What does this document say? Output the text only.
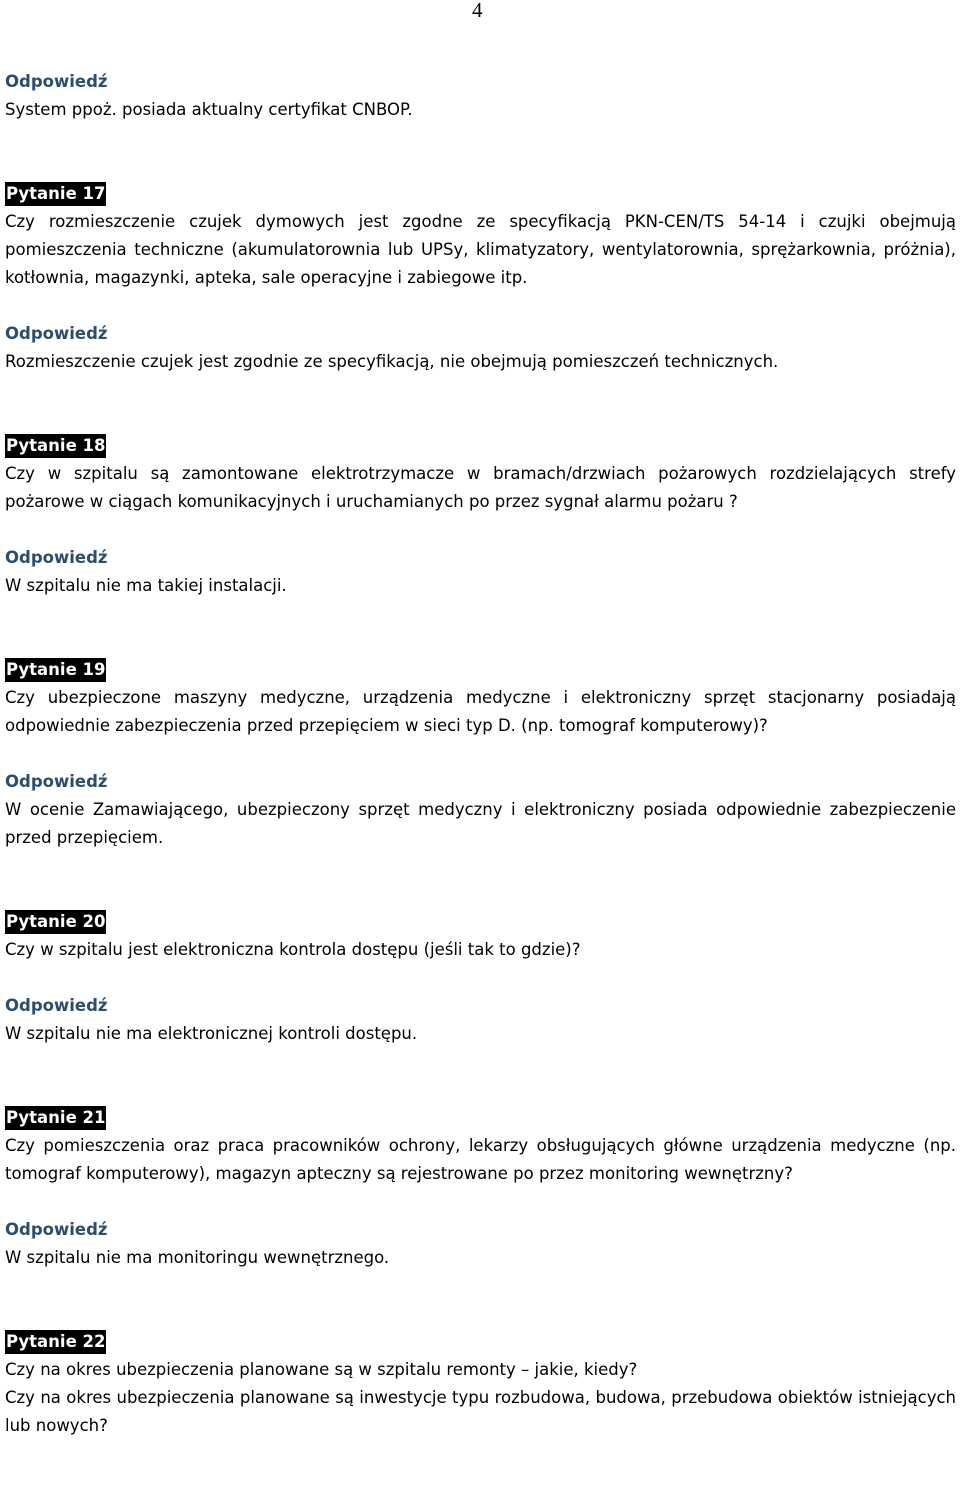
4

Odpowiedź

System ppoż. posiada aktualny certyfikat CNBOP.

Pytanie 17

Czy rozmieszczenie czujek dymowych jest zgodne ze specyfikacją PKN-CEN/TS 54-14 i czujki obejmują pomieszczenia techniczne (akumulatorownia lub UPSy, klimatyzatory, wentylatorownia, sprężarkownia, próżnia), kotłownia, magazynki, apteka, sale operacyjne i zabiegowe itp.

Odpowiedź

Rozmieszczenie czujek jest zgodnie ze specyfikacją, nie obejmują pomieszczeń technicznych.

Pytanie 18

Czy w szpitalu są zamontowane elektrotrzymacze w bramach/drzwiach pożarowych rozdzielających strefy pożarowe w ciągach komunikacyjnych i uruchamianych po przez sygnał alarmu pożaru ?

Odpowiedź

W szpitalu nie ma takiej instalacji.

Pytanie 19

Czy ubezpieczone maszyny medyczne, urządzenia medyczne i elektroniczny sprzęt stacjonarny posiadają odpowiednie zabezpieczenia przed przepięciem w sieci typ D. (np. tomograf komputerowy)?

Odpowiedź

W ocenie Zamawiającego, ubezpieczony sprzęt medyczny i elektroniczny posiada odpowiednie zabezpieczenie przed przepięciem.

Pytanie 20

Czy w szpitalu jest elektroniczna kontrola dostępu (jeśli tak to gdzie)?

Odpowiedź

W szpitalu nie ma elektronicznej kontroli dostępu.

Pytanie 21

Czy pomieszczenia oraz praca pracowników ochrony, lekarzy obsługujących główne urządzenia medyczne (np. tomograf komputerowy), magazyn apteczny są rejestrowane po przez monitoring wewnętrzny?

Odpowiedź

W szpitalu nie ma monitoringu wewnętrznego.

Pytanie 22

Czy na okres ubezpieczenia planowane są w szpitalu remonty – jakie, kiedy?

Czy na okres ubezpieczenia planowane są inwestycje typu rozbudowa, budowa, przebudowa obiektów istniejących lub nowych?
